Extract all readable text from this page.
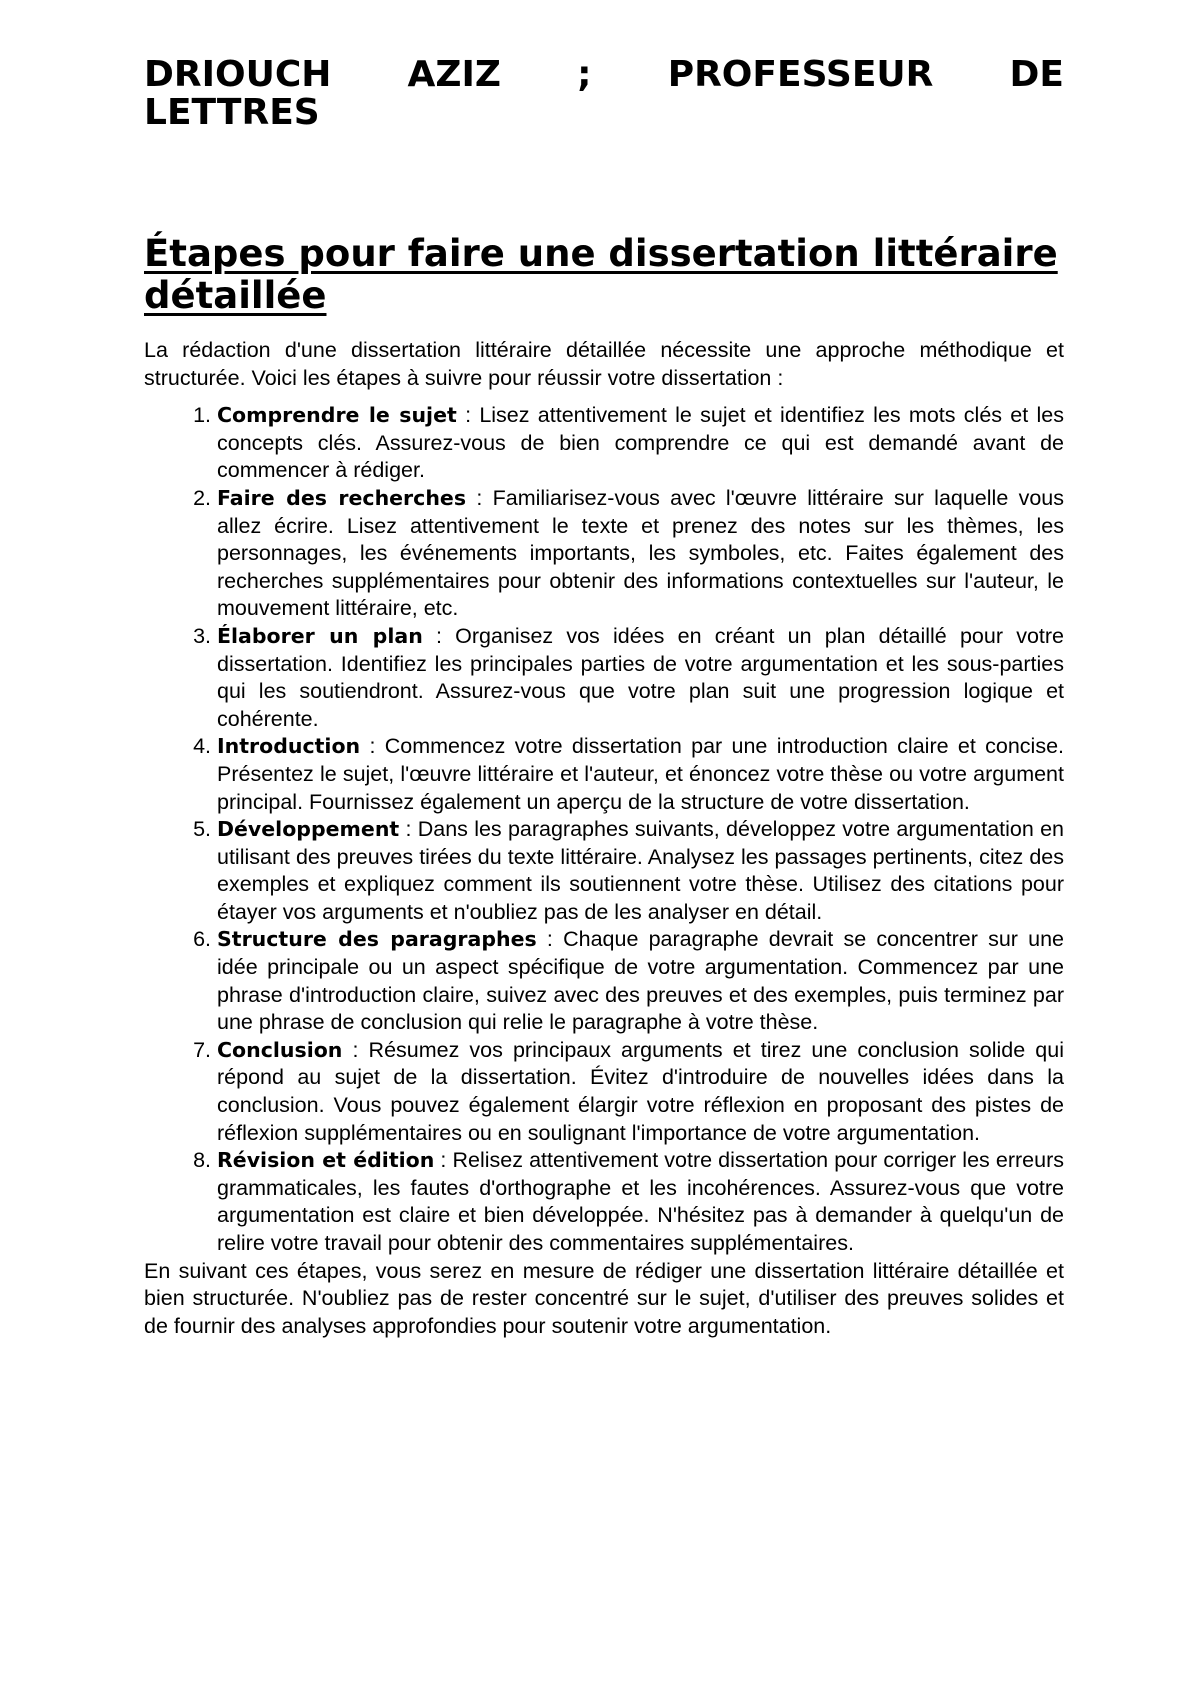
DRIOUCH AZIZ ; PROFESSEUR DE

LETTRES

Étapes pour faire une dissertation littéraire détaillée

La rédaction d'une dissertation littéraire détaillée nécessite une approche méthodique et structurée. Voici les étapes à suivre pour réussir votre dissertation :

1. Comprendre le sujet : Lisez attentivement le sujet et identifiez les mots clés et les concepts clés. Assurez-vous de bien comprendre ce qui est demandé avant de commencer à rédiger.
2. Faire des recherches : Familiarisez-vous avec l'œuvre littéraire sur laquelle vous allez écrire. Lisez attentivement le texte et prenez des notes sur les thèmes, les personnages, les événements importants, les symboles, etc. Faites également des recherches supplémentaires pour obtenir des informations contextuelles sur l'auteur, le mouvement littéraire, etc.
3. Élaborer un plan : Organisez vos idées en créant un plan détaillé pour votre dissertation. Identifiez les principales parties de votre argumentation et les sous-parties qui les soutiendront. Assurez-vous que votre plan suit une progression logique et cohérente.
4. Introduction : Commencez votre dissertation par une introduction claire et concise. Présentez le sujet, l'œuvre littéraire et l'auteur, et énoncez votre thèse ou votre argument principal. Fournissez également un aperçu de la structure de votre dissertation.
5. Développement : Dans les paragraphes suivants, développez votre argumentation en utilisant des preuves tirées du texte littéraire. Analysez les passages pertinents, citez des exemples et expliquez comment ils soutiennent votre thèse. Utilisez des citations pour étayer vos arguments et n'oubliez pas de les analyser en détail.
6. Structure des paragraphes : Chaque paragraphe devrait se concentrer sur une idée principale ou un aspect spécifique de votre argumentation. Commencez par une phrase d'introduction claire, suivez avec des preuves et des exemples, puis terminez par une phrase de conclusion qui relie le paragraphe à votre thèse.
7. Conclusion : Résumez vos principaux arguments et tirez une conclusion solide qui répond au sujet de la dissertation. Évitez d'introduire de nouvelles idées dans la conclusion. Vous pouvez également élargir votre réflexion en proposant des pistes de réflexion supplémentaires ou en soulignant l'importance de votre argumentation.
8. Révision et édition : Relisez attentivement votre dissertation pour corriger les erreurs grammaticales, les fautes d'orthographe et les incohérences. Assurez-vous que votre argumentation est claire et bien développée. N'hésitez pas à demander à quelqu'un de relire votre travail pour obtenir des commentaires supplémentaires.

En suivant ces étapes, vous serez en mesure de rédiger une dissertation littéraire détaillée et bien structurée. N'oubliez pas de rester concentré sur le sujet, d'utiliser des preuves solides et de fournir des analyses approfondies pour soutenir votre argumentation.
